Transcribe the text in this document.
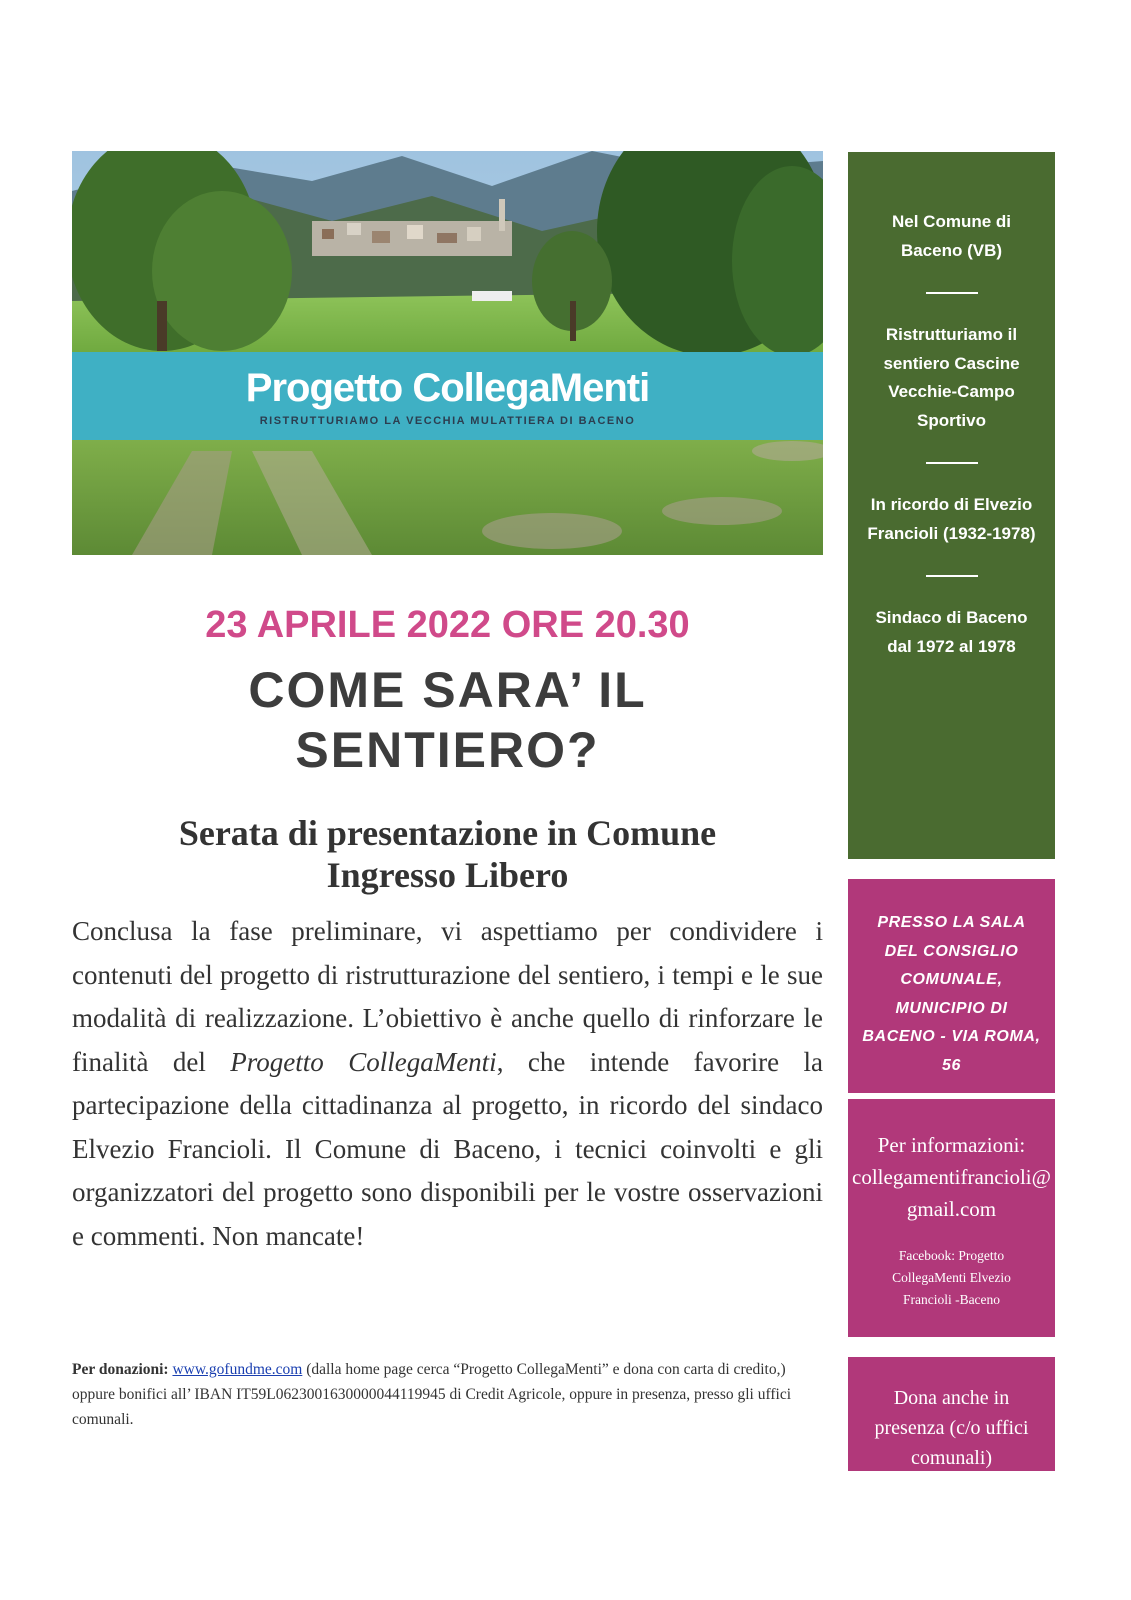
Progetto CollegaMenti
RISTRUTTURIAMO LA VECCHIA MULATTIERA DI BACENO

23 APRILE 2022 ORE 20.30

COME SARA’ IL
SENTIERO?
Serata di presentazione in Comune
Ingresso Libero

Conclusa la fase preliminare, vi aspettiamo per condividere i contenuti del progetto di ristrutturazione del sentiero, i tempi e le sue modalità di realizzazione. L’obiettivo è anche quello di rinforzare le finalità del Progetto CollegaMenti, che intende favorire la partecipazione della cittadinanza al progetto, in ricordo del sindaco Elvezio Francioli. Il Comune di Baceno, i tecnici coinvolti e gli organizzatori del progetto sono disponibili per le vostre osservazioni e commenti. Non mancate!

Per donazioni: www.gofundme.com (dalla home page cerca “Progetto CollegaMenti” e dona con carta di credito,) oppure bonifici all’ IBAN IT59L0623001630000044119945 di Credit Agricole, oppure in presenza, presso gli uffici comunali.

Nel Comune di Baceno (VB)

Ristrutturiamo il sentiero Cascine Vecchie-Campo Sportivo

In ricordo di Elvezio Francioli (1932-1978)

Sindaco di Baceno dal 1972 al 1978

PRESSO LA SALA DEL CONSIGLIO COMUNALE, MUNICIPIO DI BACENO - VIA ROMA, 56
Per informazioni:
collegamentifrancioli@gmail.com
Facebook: Progetto CollegaMenti Elvezio Francioli -Baceno
Dona anche in presenza (c/o uffici comunali)
